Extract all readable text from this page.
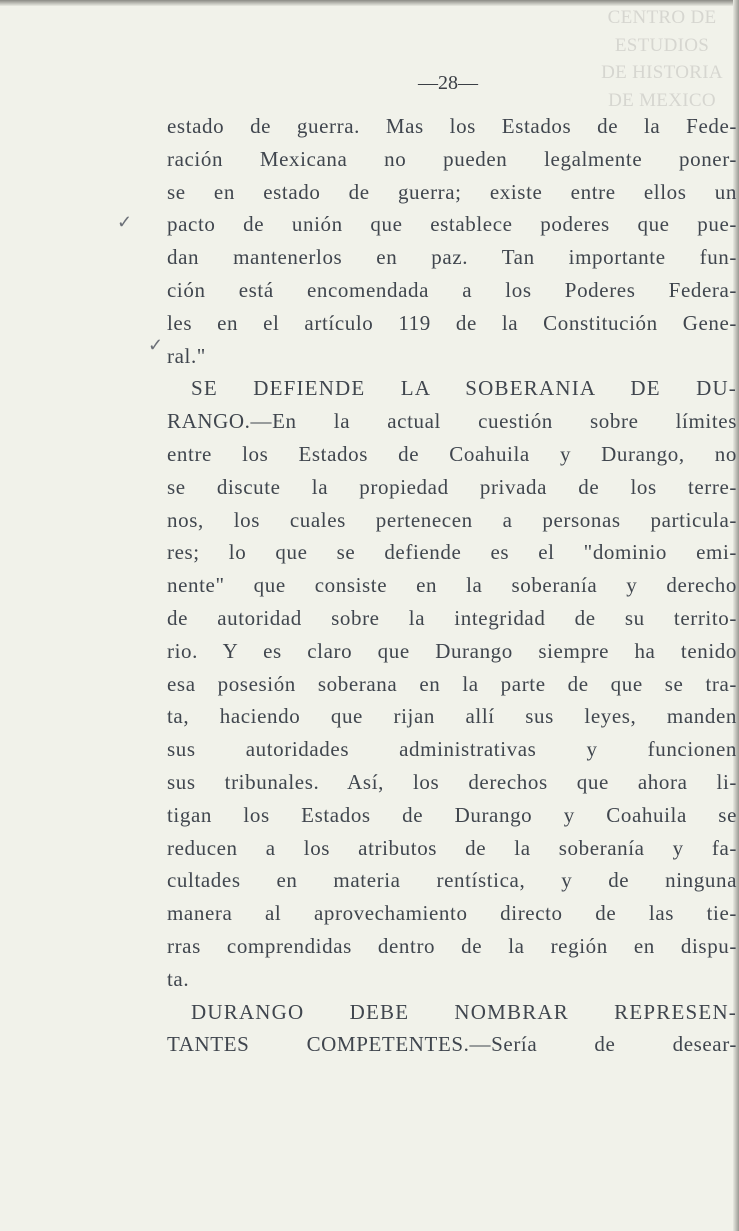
CENTRO DE
ESTUDIOS
DE HISTORIA
DE MEXICO
—28—
✓
✓
estado de guerra. Mas los Estados de la Fede-
ración Mexicana no pueden legalmente poner-
se en estado de guerra; existe entre ellos un
pacto de unión que establece poderes que pue-
dan mantenerlos en paz. Tan importante fun-
ción está encomendada a los Poderes Federa-
les en el artículo 119 de la Constitución Gene-
ral."
SE DEFIENDE LA SOBERANIA DE DU-
RANGO.—En la actual cuestión sobre límites
entre los Estados de Coahuila y Durango, no
se discute la propiedad privada de los terre-
nos, los cuales pertenecen a personas particula-
res; lo que se defiende es el "dominio emi-
nente" que consiste en la soberanía y derecho
de autoridad sobre la integridad de su territo-
rio. Y es claro que Durango siempre ha tenido
esa posesión soberana en la parte de que se tra-
ta, haciendo que rijan allí sus leyes, manden
sus autoridades administrativas y funcionen
sus tribunales. Así, los derechos que ahora li-
tigan los Estados de Durango y Coahuila se
reducen a los atributos de la soberanía y fa-
cultades en materia rentística, y de ninguna
manera al aprovechamiento directo de las tie-
rras comprendidas dentro de la región en dispu-
ta.
DURANGO DEBE NOMBRAR REPRESEN-
TANTES COMPETENTES.—Sería de desear-
